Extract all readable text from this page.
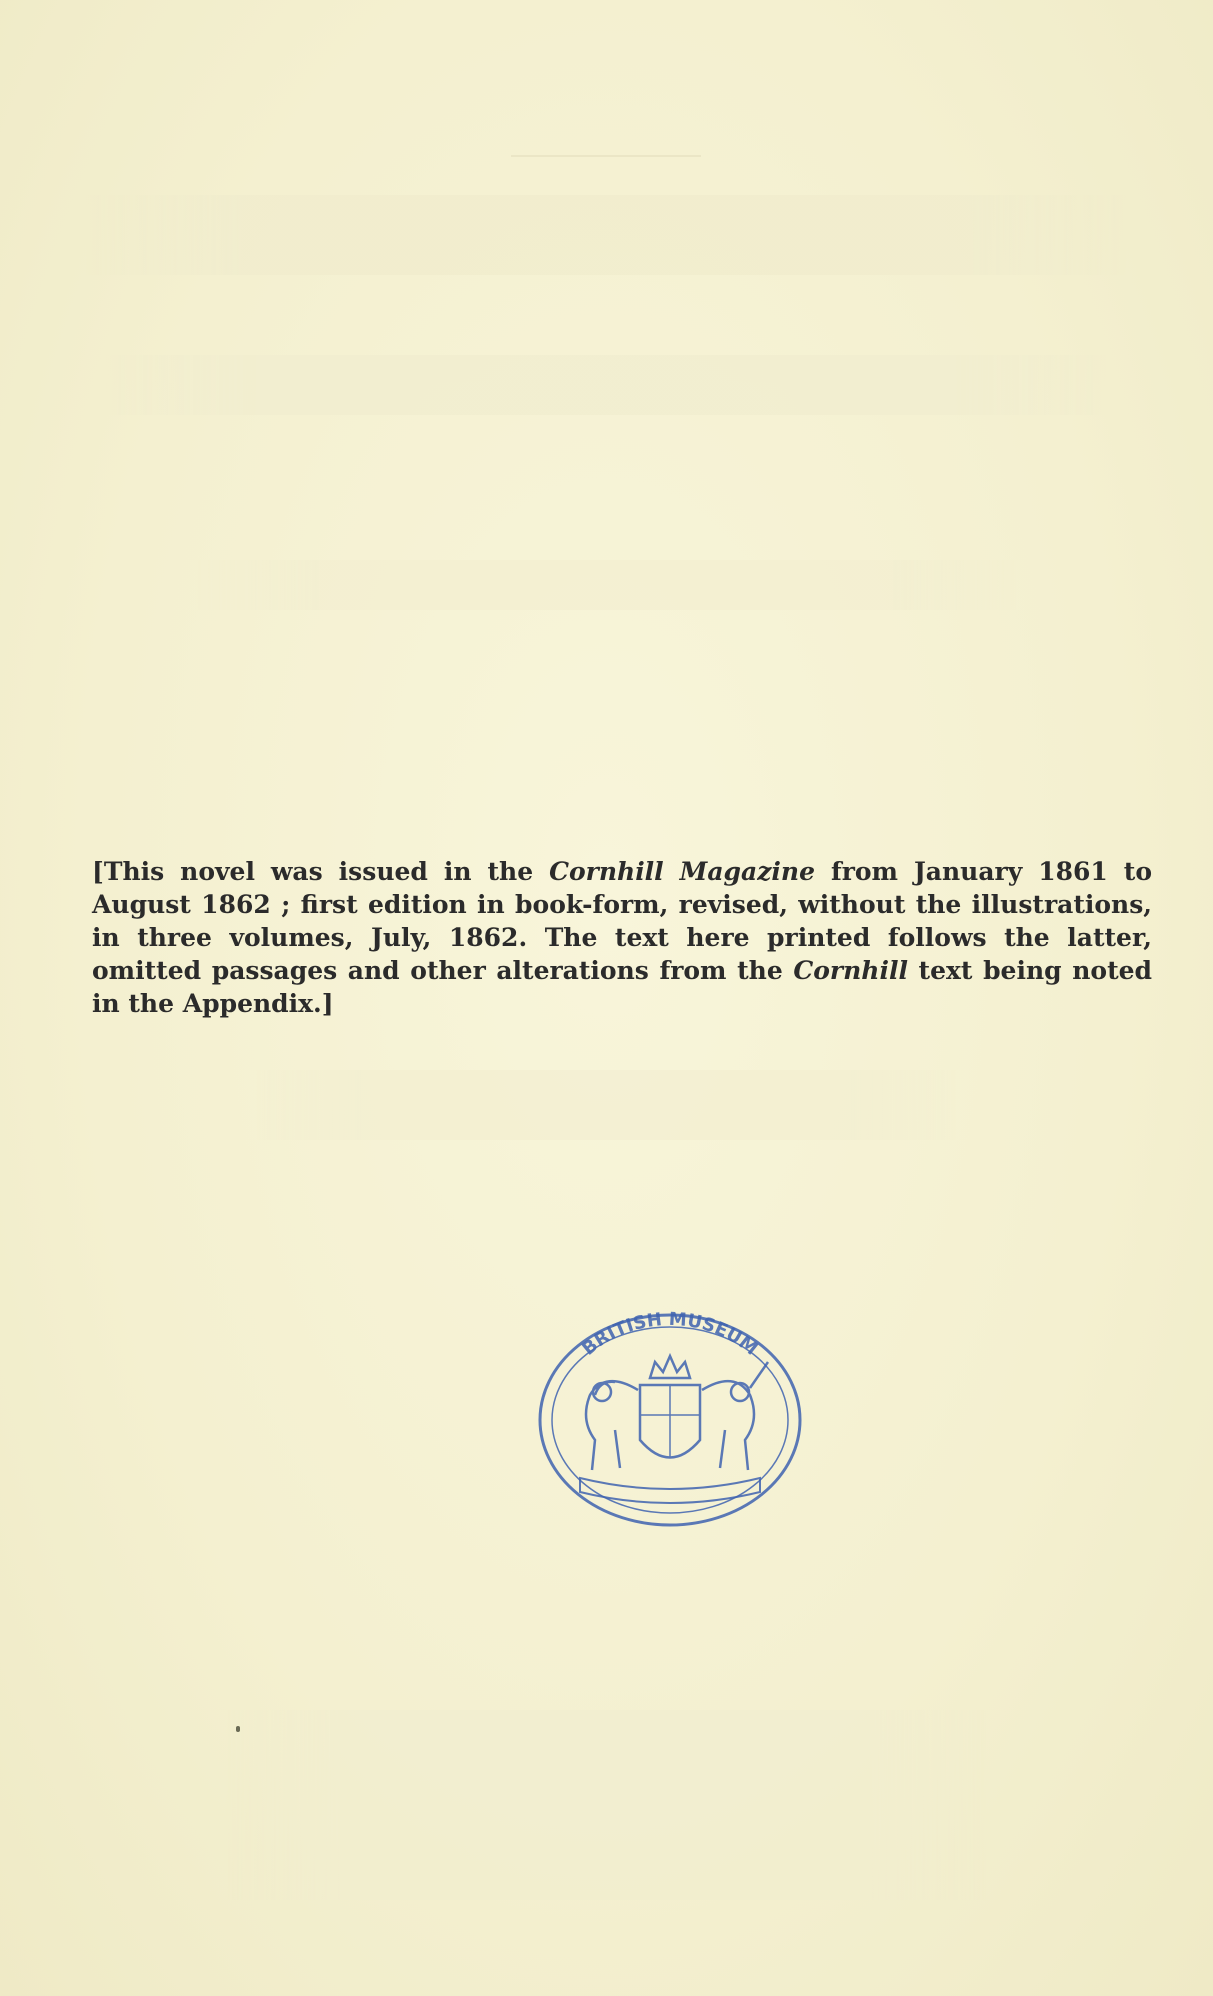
[This novel was issued in the Cornhill Magazine from January 1861 to August 1862 ; first edition in book-form, revised, without the illustrations, in three volumes, July, 1862. The text here printed follows the latter, omitted passages and other alterations from the Cornhill text being noted in the Appendix.]
BRITISH MUSEUM
